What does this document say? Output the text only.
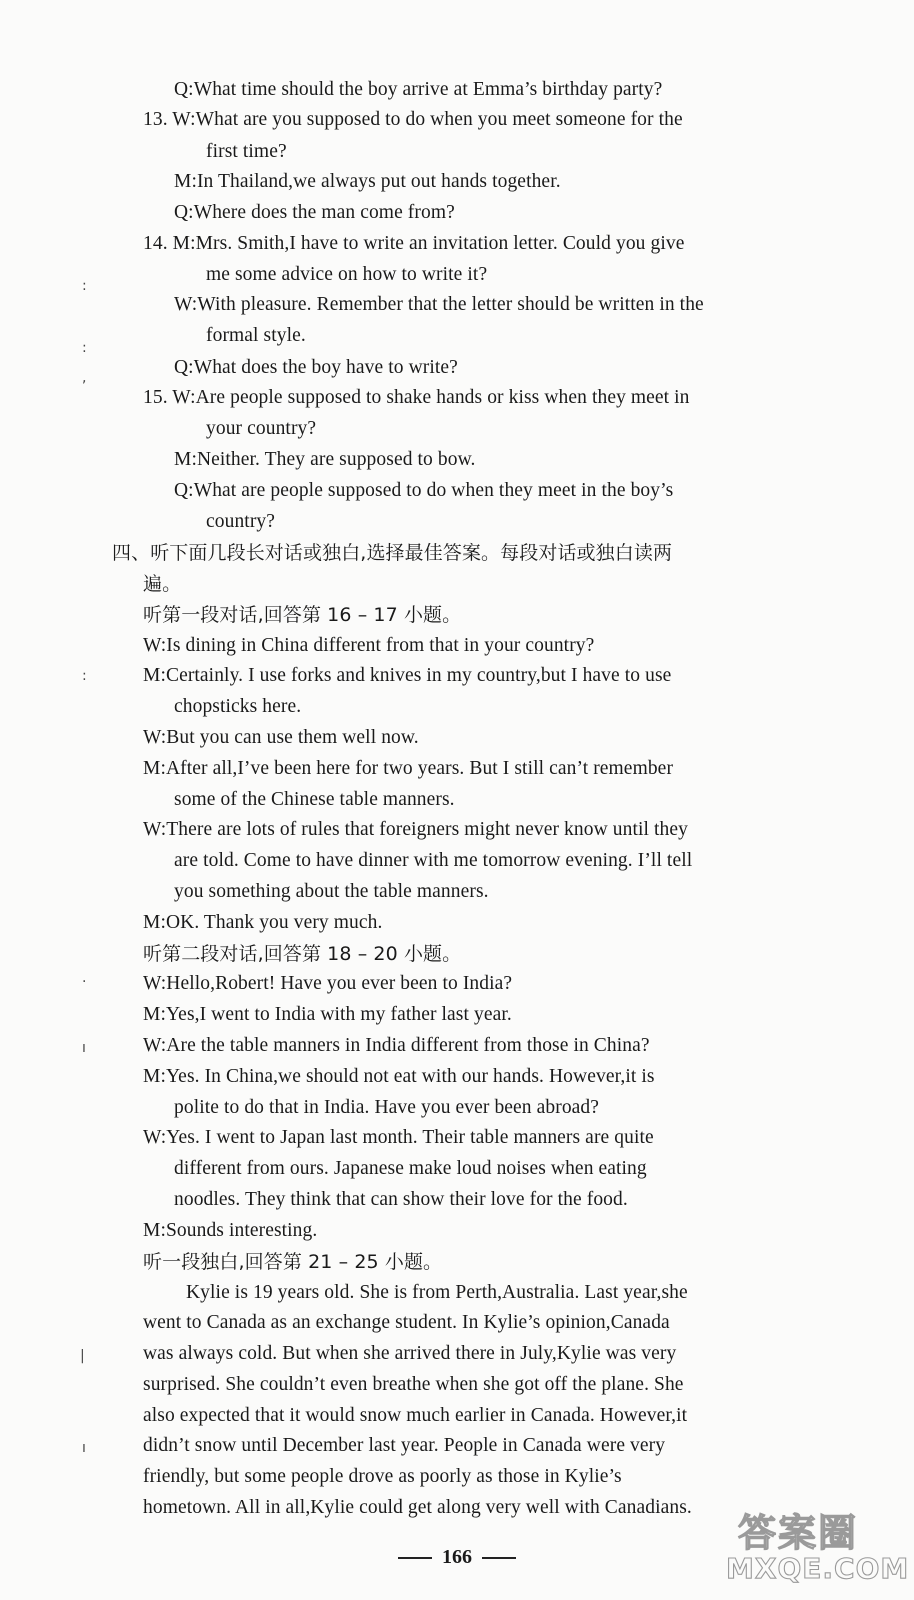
:
:
,
:
·
ı
|
ı
Q:What time should the boy arrive at Emma’s birthday party?
13. W:What are you supposed to do when you meet someone for the
first time?
M:In Thailand,we always put out hands together.
Q:Where does the man come from?
14. M:Mrs. Smith,I have to write an invitation letter. Could you give
me some advice on how to write it?
W:With pleasure. Remember that the letter should be written in the
formal style.
Q:What does the boy have to write?
15. W:Are people supposed to shake hands or kiss when they meet in
your country?
M:Neither. They are supposed to bow.
Q:What are people supposed to do when they meet in the boy’s
country?
四、听下面几段长对话或独白,选择最佳答案。每段对话或独白读两
遍。
听第一段对话,回答第 16 – 17 小题。
W:Is dining in China different from that in your country?
M:Certainly. I use forks and knives in my country,but I have to use
chopsticks here.
W:But you can use them well now.
M:After all,I’ve been here for two years. But I still can’t remember
some of the Chinese table manners.
W:There are lots of rules that foreigners might never know until they
are told. Come to have dinner with me tomorrow evening. I’ll tell
you something about the table manners.
M:OK. Thank you very much.
听第二段对话,回答第 18 – 20 小题。
W:Hello,Robert! Have you ever been to India?
M:Yes,I went to India with my father last year.
W:Are the table manners in India different from those in China?
M:Yes. In China,we should not eat with our hands. However,it is
polite to do that in India. Have you ever been abroad?
W:Yes. I went to Japan last month. Their table manners are quite
different from ours. Japanese make loud noises when eating
noodles. They think that can show their love for the food.
M:Sounds interesting.
听一段独白,回答第 21 – 25 小题。
Kylie is 19 years old. She is from Perth,Australia. Last year,she
went to Canada as an exchange student. In Kylie’s opinion,Canada
was always cold. But when she arrived there in July,Kylie was very
surprised. She couldn’t even breathe when she got off the plane. She
also expected that it would snow much earlier in Canada. However,it
didn’t snow until December last year. People in Canada were very
friendly, but some people drove as poorly as those in Kylie’s
hometown. All in all,Kylie could get along very well with Canadians.
166
答案圈
MXQE.COM
